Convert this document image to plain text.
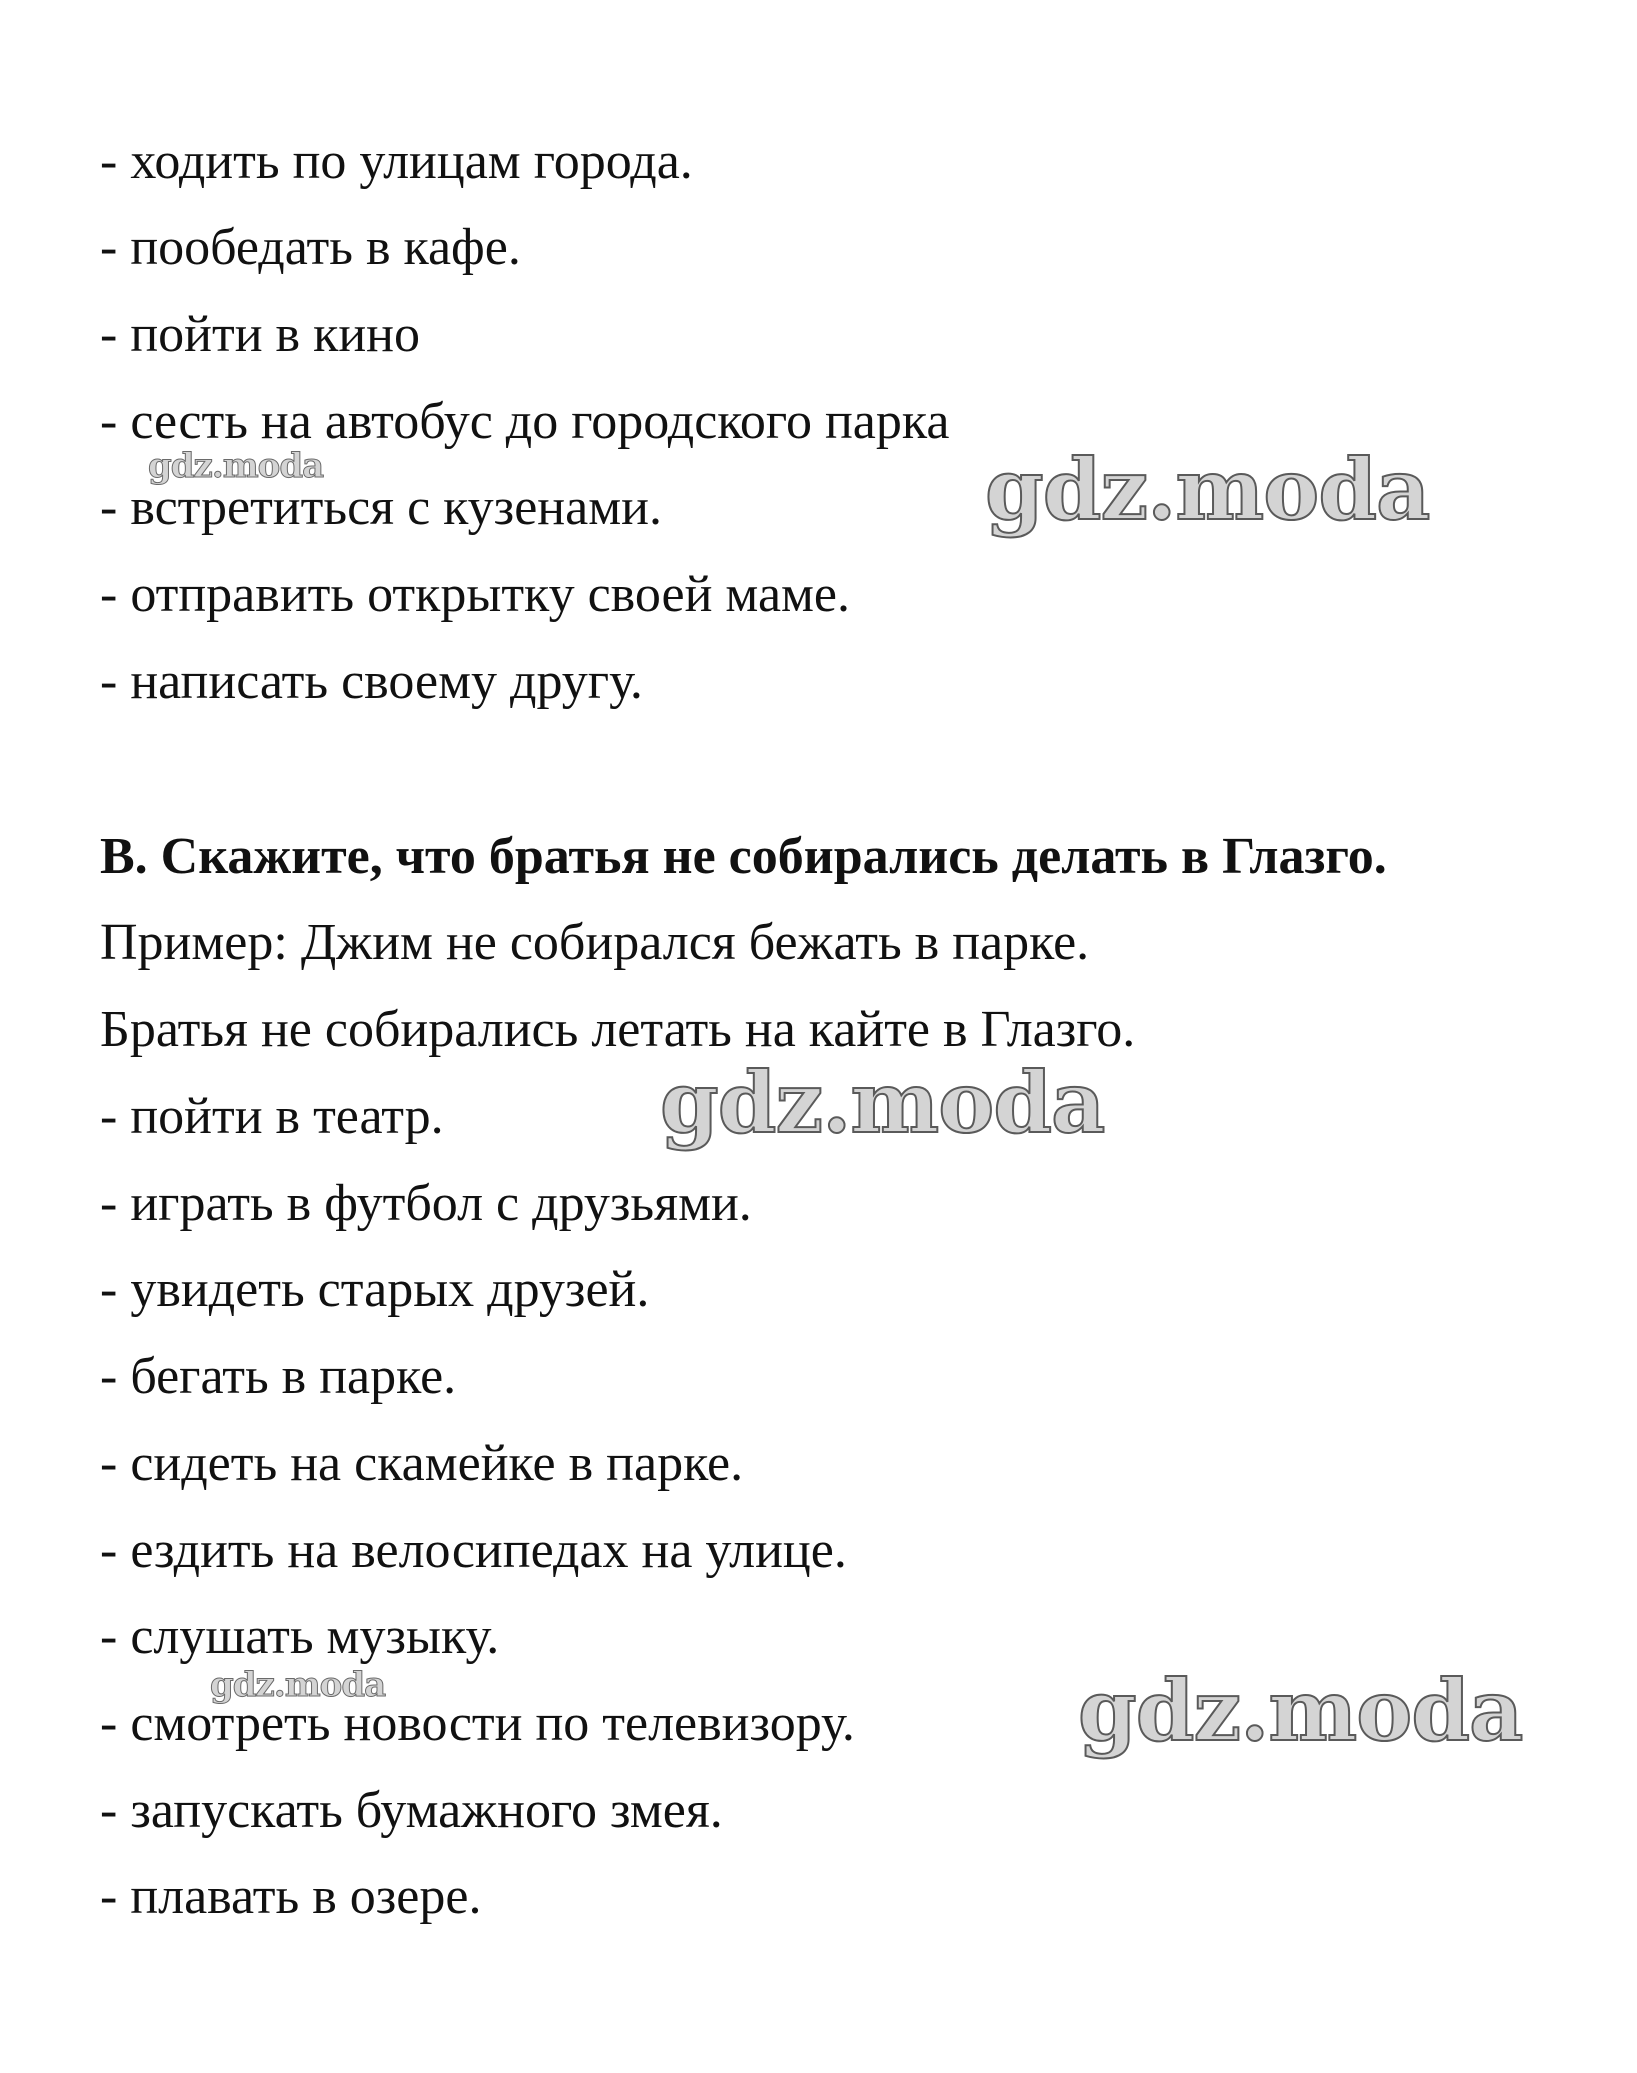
- ходить по улицам города.
- пообедать в кафе.
- пойти в кино
- сесть на автобус до городского парка
- встретиться с кузенами.
- отправить открытку своей маме.
- написать своему другу.
B. Скажите, что братья не собирались делать в Глазго.
Пример: Джим не собирался бежать в парке.
Братья не собирались летать на кайте в Глазго.
- пойти в театр.
- играть в футбол с друзьями.
- увидеть старых друзей.
- бегать в парке.
- сидеть на скамейке в парке.
- ездить на велосипедах на улице.
- слушать музыку.
- смотреть новости по телевизору.
- запускать бумажного змея.
- плавать в озере.
gdz.moda	gdz.moda
gdz.moda
gdz.moda	gdz.moda
